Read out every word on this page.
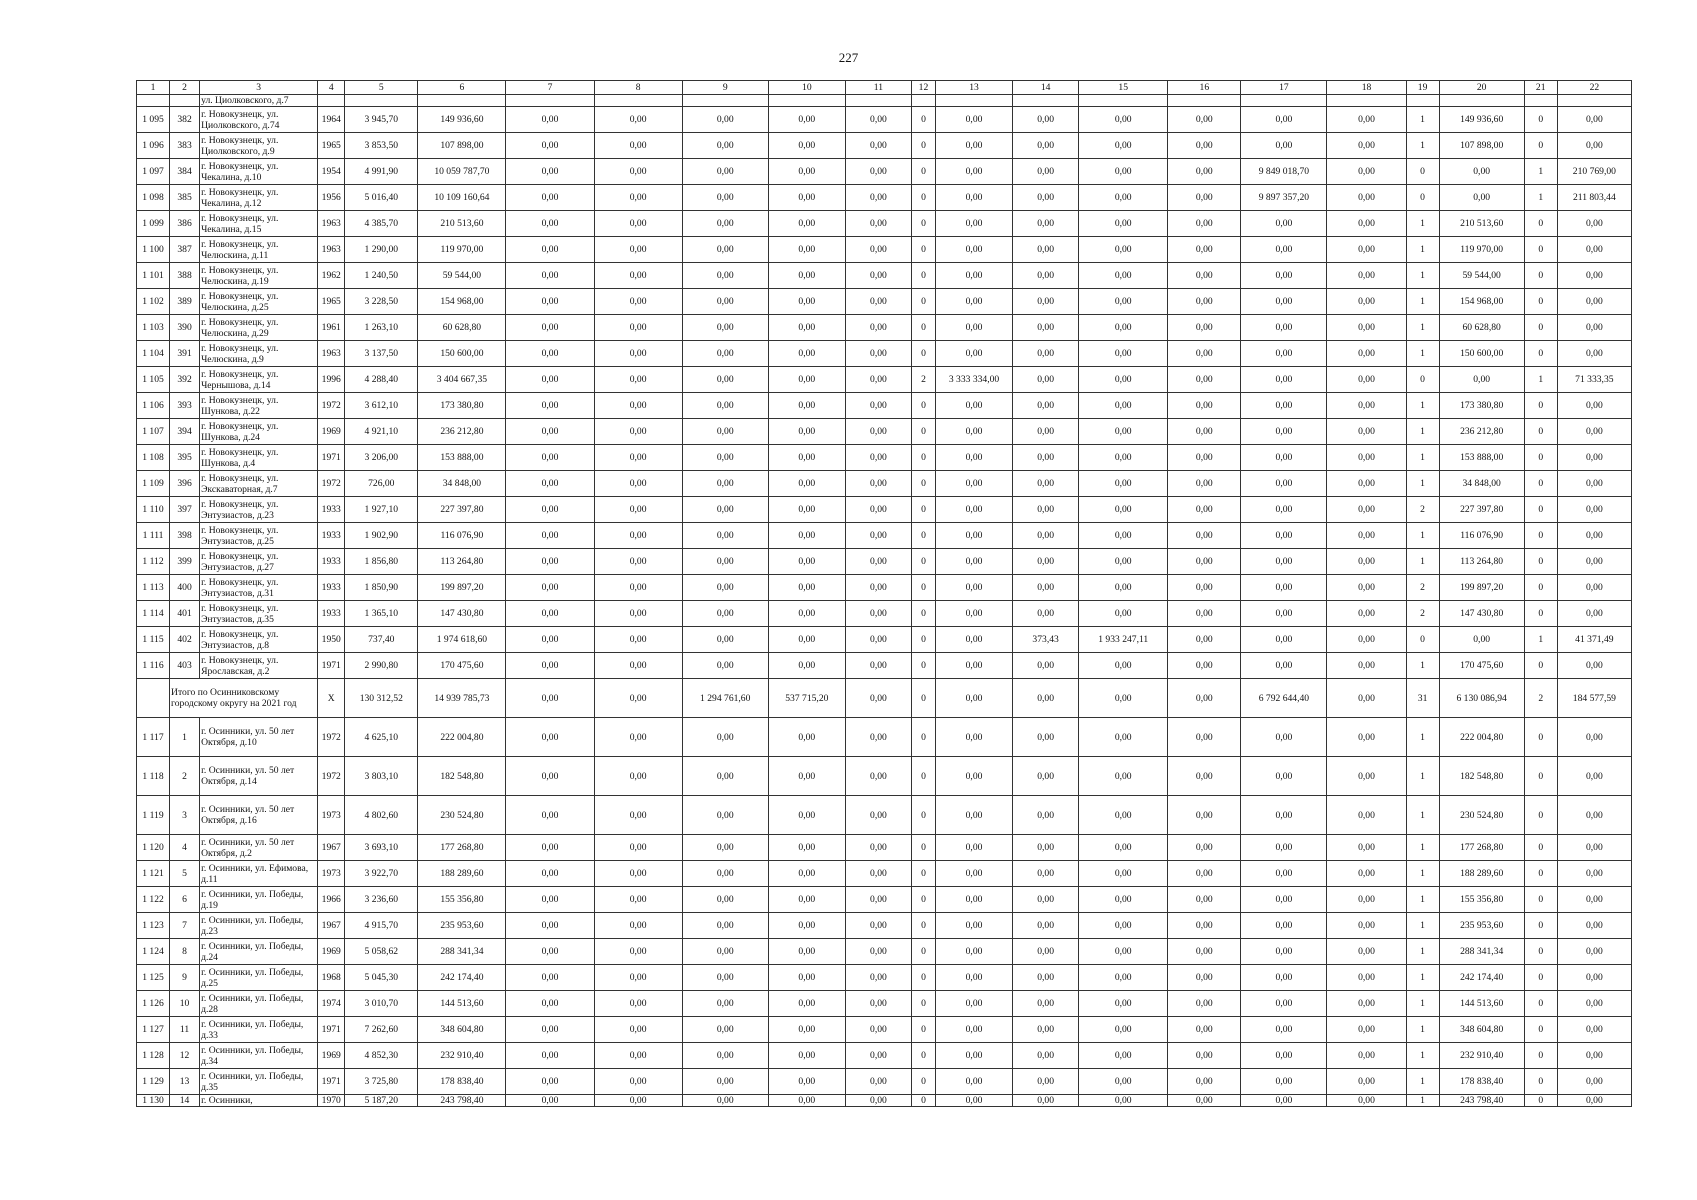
227
1	2	3	4	5	6	7	8	9	10	11	12	13	14	15	16	17	18	19	20	21	22
		ул. Циолковского, д.7																			
1 095	382	г. Новокузнецк, ул. Циолковского, д.74	1964	3 945,70	149 936,60	0,00	0,00	0,00	0,00	0,00	0	0,00	0,00	0,00	0,00	0,00	0,00	1	149 936,60	0	0,00
1 096	383	г. Новокузнецк, ул. Циолковского, д.9	1965	3 853,50	107 898,00	0,00	0,00	0,00	0,00	0,00	0	0,00	0,00	0,00	0,00	0,00	0,00	1	107 898,00	0	0,00
1 097	384	г. Новокузнецк, ул. Чекалина, д.10	1954	4 991,90	10 059 787,70	0,00	0,00	0,00	0,00	0,00	0	0,00	0,00	0,00	0,00	9 849 018,70	0,00	0	0,00	1	210 769,00
1 098	385	г. Новокузнецк, ул. Чекалина, д.12	1956	5 016,40	10 109 160,64	0,00	0,00	0,00	0,00	0,00	0	0,00	0,00	0,00	0,00	9 897 357,20	0,00	0	0,00	1	211 803,44
1 099	386	г. Новокузнецк, ул. Чекалина, д.15	1963	4 385,70	210 513,60	0,00	0,00	0,00	0,00	0,00	0	0,00	0,00	0,00	0,00	0,00	0,00	1	210 513,60	0	0,00
1 100	387	г. Новокузнецк, ул. Челюскина, д.11	1963	1 290,00	119 970,00	0,00	0,00	0,00	0,00	0,00	0	0,00	0,00	0,00	0,00	0,00	0,00	1	119 970,00	0	0,00
1 101	388	г. Новокузнецк, ул. Челюскина, д.19	1962	1 240,50	59 544,00	0,00	0,00	0,00	0,00	0,00	0	0,00	0,00	0,00	0,00	0,00	0,00	1	59 544,00	0	0,00
1 102	389	г. Новокузнецк, ул. Челюскина, д.25	1965	3 228,50	154 968,00	0,00	0,00	0,00	0,00	0,00	0	0,00	0,00	0,00	0,00	0,00	0,00	1	154 968,00	0	0,00
1 103	390	г. Новокузнецк, ул. Челюскина, д.29	1961	1 263,10	60 628,80	0,00	0,00	0,00	0,00	0,00	0	0,00	0,00	0,00	0,00	0,00	0,00	1	60 628,80	0	0,00
1 104	391	г. Новокузнецк, ул. Челюскина, д.9	1963	3 137,50	150 600,00	0,00	0,00	0,00	0,00	0,00	0	0,00	0,00	0,00	0,00	0,00	0,00	1	150 600,00	0	0,00
1 105	392	г. Новокузнецк, ул. Чернышова, д.14	1996	4 288,40	3 404 667,35	0,00	0,00	0,00	0,00	0,00	2	3 333 334,00	0,00	0,00	0,00	0,00	0,00	0	0,00	1	71 333,35
1 106	393	г. Новокузнецк, ул. Шункова, д.22	1972	3 612,10	173 380,80	0,00	0,00	0,00	0,00	0,00	0	0,00	0,00	0,00	0,00	0,00	0,00	1	173 380,80	0	0,00
1 107	394	г. Новокузнецк, ул. Шункова, д.24	1969	4 921,10	236 212,80	0,00	0,00	0,00	0,00	0,00	0	0,00	0,00	0,00	0,00	0,00	0,00	1	236 212,80	0	0,00
1 108	395	г. Новокузнецк, ул. Шункова, д.4	1971	3 206,00	153 888,00	0,00	0,00	0,00	0,00	0,00	0	0,00	0,00	0,00	0,00	0,00	0,00	1	153 888,00	0	0,00
1 109	396	г. Новокузнецк, ул. Экскаваторная, д.7	1972	726,00	34 848,00	0,00	0,00	0,00	0,00	0,00	0	0,00	0,00	0,00	0,00	0,00	0,00	1	34 848,00	0	0,00
1 110	397	г. Новокузнецк, ул. Энтузиастов, д.23	1933	1 927,10	227 397,80	0,00	0,00	0,00	0,00	0,00	0	0,00	0,00	0,00	0,00	0,00	0,00	2	227 397,80	0	0,00
1 111	398	г. Новокузнецк, ул. Энтузиастов, д.25	1933	1 902,90	116 076,90	0,00	0,00	0,00	0,00	0,00	0	0,00	0,00	0,00	0,00	0,00	0,00	1	116 076,90	0	0,00
1 112	399	г. Новокузнецк, ул. Энтузиастов, д.27	1933	1 856,80	113 264,80	0,00	0,00	0,00	0,00	0,00	0	0,00	0,00	0,00	0,00	0,00	0,00	1	113 264,80	0	0,00
1 113	400	г. Новокузнецк, ул. Энтузиастов, д.31	1933	1 850,90	199 897,20	0,00	0,00	0,00	0,00	0,00	0	0,00	0,00	0,00	0,00	0,00	0,00	2	199 897,20	0	0,00
1 114	401	г. Новокузнецк, ул. Энтузиастов, д.35	1933	1 365,10	147 430,80	0,00	0,00	0,00	0,00	0,00	0	0,00	0,00	0,00	0,00	0,00	0,00	2	147 430,80	0	0,00
1 115	402	г. Новокузнецк, ул. Энтузиастов, д.8	1950	737,40	1 974 618,60	0,00	0,00	0,00	0,00	0,00	0	0,00	373,43	1 933 247,11	0,00	0,00	0,00	0	0,00	1	41 371,49
1 116	403	г. Новокузнецк, ул. Ярославская, д.2	1971	2 990,80	170 475,60	0,00	0,00	0,00	0,00	0,00	0	0,00	0,00	0,00	0,00	0,00	0,00	1	170 475,60	0	0,00
	Итого по Осинниковскому городскому округу на 2021 год		X	130 312,52	14 939 785,73	0,00	0,00	1 294 761,60	537 715,20	0,00	0	0,00	0,00	0,00	0,00	6 792 644,40	0,00	31	6 130 086,94	2	184 577,59
1 117	1	г. Осинники, ул. 50 лет Октября, д.10	1972	4 625,10	222 004,80	0,00	0,00	0,00	0,00	0,00	0	0,00	0,00	0,00	0,00	0,00	0,00	1	222 004,80	0	0,00
1 118	2	г. Осинники, ул. 50 лет Октября, д.14	1972	3 803,10	182 548,80	0,00	0,00	0,00	0,00	0,00	0	0,00	0,00	0,00	0,00	0,00	0,00	1	182 548,80	0	0,00
1 119	3	г. Осинники, ул. 50 лет Октября, д.16	1973	4 802,60	230 524,80	0,00	0,00	0,00	0,00	0,00	0	0,00	0,00	0,00	0,00	0,00	0,00	1	230 524,80	0	0,00
1 120	4	г. Осинники, ул. 50 лет Октября, д.2	1967	3 693,10	177 268,80	0,00	0,00	0,00	0,00	0,00	0	0,00	0,00	0,00	0,00	0,00	0,00	1	177 268,80	0	0,00
1 121	5	г. Осинники, ул. Ефимова, д.11	1973	3 922,70	188 289,60	0,00	0,00	0,00	0,00	0,00	0	0,00	0,00	0,00	0,00	0,00	0,00	1	188 289,60	0	0,00
1 122	6	г. Осинники, ул. Победы, д.19	1966	3 236,60	155 356,80	0,00	0,00	0,00	0,00	0,00	0	0,00	0,00	0,00	0,00	0,00	0,00	1	155 356,80	0	0,00
1 123	7	г. Осинники, ул. Победы, д.23	1967	4 915,70	235 953,60	0,00	0,00	0,00	0,00	0,00	0	0,00	0,00	0,00	0,00	0,00	0,00	1	235 953,60	0	0,00
1 124	8	г. Осинники, ул. Победы, д.24	1969	5 058,62	288 341,34	0,00	0,00	0,00	0,00	0,00	0	0,00	0,00	0,00	0,00	0,00	0,00	1	288 341,34	0	0,00
1 125	9	г. Осинники, ул. Победы, д.25	1968	5 045,30	242 174,40	0,00	0,00	0,00	0,00	0,00	0	0,00	0,00	0,00	0,00	0,00	0,00	1	242 174,40	0	0,00
1 126	10	г. Осинники, ул. Победы, д.28	1974	3 010,70	144 513,60	0,00	0,00	0,00	0,00	0,00	0	0,00	0,00	0,00	0,00	0,00	0,00	1	144 513,60	0	0,00
1 127	11	г. Осинники, ул. Победы, д.33	1971	7 262,60	348 604,80	0,00	0,00	0,00	0,00	0,00	0	0,00	0,00	0,00	0,00	0,00	0,00	1	348 604,80	0	0,00
1 128	12	г. Осинники, ул. Победы, д.34	1969	4 852,30	232 910,40	0,00	0,00	0,00	0,00	0,00	0	0,00	0,00	0,00	0,00	0,00	0,00	1	232 910,40	0	0,00
1 129	13	г. Осинники, ул. Победы, д.35	1971	3 725,80	178 838,40	0,00	0,00	0,00	0,00	0,00	0	0,00	0,00	0,00	0,00	0,00	0,00	1	178 838,40	0	0,00
1 130	14	г. Осинники,	1970	5 187,20	243 798,40	0,00	0,00	0,00	0,00	0,00	0	0,00	0,00	0,00	0,00	0,00	0,00	1	243 798,40	0	0,00
